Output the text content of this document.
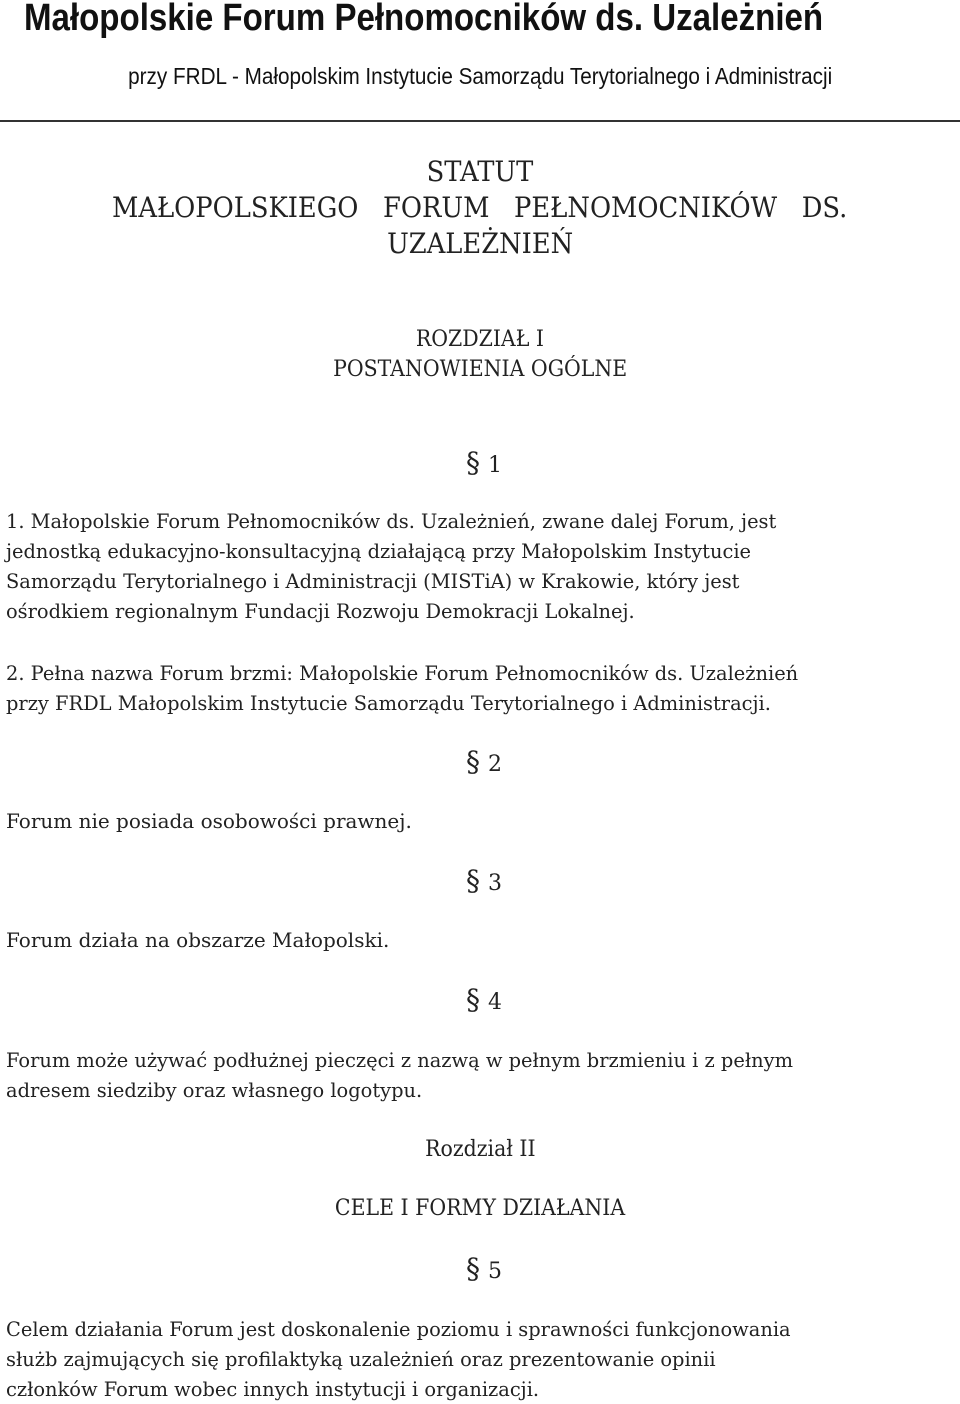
Małopolskie Forum Pełnomocników ds. Uzależnień
przy FRDL - Małopolskim Instytucie Samorządu Terytorialnego i Administracji
STATUT
MAŁOPOLSKIEGO   FORUM   PEŁNOMOCNIKÓW   DS.
UZALEŻNIEŃ
ROZDZIAŁ I
POSTANOWIENIA OGÓLNE
§ 1
1. Małopolskie Forum Pełnomocników ds. Uzależnień, zwane dalej Forum, jest
jednostką edukacyjno-konsultacyjną działającą przy Małopolskim Instytucie
Samorządu Terytorialnego i Administracji (MISTiA) w Krakowie, który jest
ośrodkiem regionalnym Fundacji Rozwoju Demokracji Lokalnej.
2. Pełna nazwa Forum brzmi: Małopolskie Forum Pełnomocników ds. Uzależnień
przy FRDL Małopolskim Instytucie Samorządu Terytorialnego i Administracji.
§ 2
Forum nie posiada osobowości prawnej.
§ 3
Forum działa na obszarze Małopolski.
§ 4
Forum może używać podłużnej pieczęci z nazwą w pełnym brzmieniu i z pełnym
adresem siedziby oraz własnego logotypu.
Rozdział II
CELE I FORMY DZIAŁANIA
§ 5
Celem działania Forum jest doskonalenie poziomu i sprawności funkcjonowania
służb zajmujących się profilaktyką uzależnień oraz prezentowanie opinii
członków Forum wobec innych instytucji i organizacji.
